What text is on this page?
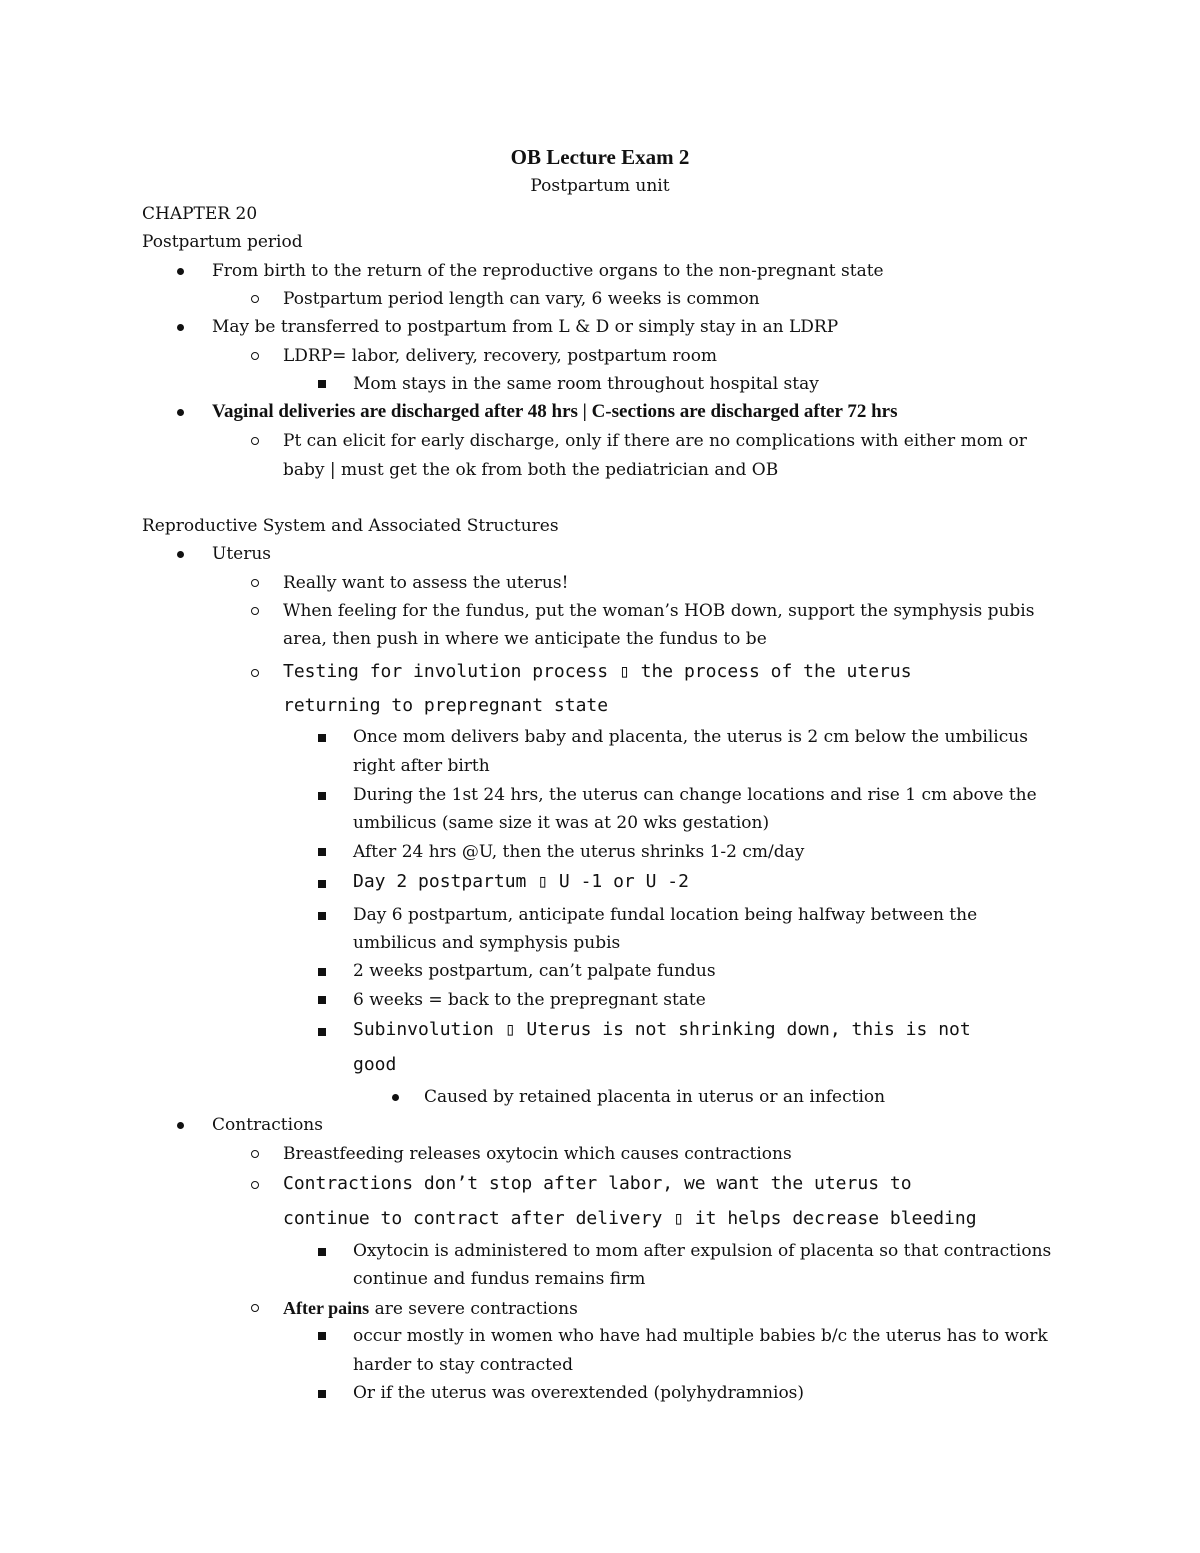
OB Lecture Exam 2
Postpartum unit
CHAPTER 20
Postpartum period
From birth to the return of the reproductive organs to the non-pregnant state
Postpartum period length can vary, 6 weeks is common
May be transferred to postpartum from L & D or simply stay in an LDRP
LDRP= labor, delivery, recovery, postpartum room
Mom stays in the same room throughout hospital stay
Vaginal deliveries are discharged after 48 hrs | C-sections are discharged after 72 hrs
Pt can elicit for early discharge, only if there are no complications with either mom or
baby | must get the ok from both the pediatrician and OB
Reproductive System and Associated Structures
Uterus
Really want to assess the uterus!
When feeling for the fundus, put the woman’s HOB down, support the symphysis pubis
area, then push in where we anticipate the fundus to be
Testing for involution process ▯ the process of the uterus
returning to prepregnant state
Once mom delivers baby and placenta, the uterus is 2 cm below the umbilicus
right after birth
During the 1st 24 hrs, the uterus can change locations and rise 1 cm above the
umbilicus (same size it was at 20 wks gestation)
After 24 hrs @U, then the uterus shrinks 1-2 cm/day
Day 2 postpartum ▯ U -1 or U -2
Day 6 postpartum, anticipate fundal location being halfway between the
umbilicus and symphysis pubis
2 weeks postpartum, can’t palpate fundus
6 weeks = back to the prepregnant state
Subinvolution ▯ Uterus is not shrinking down, this is not
good
Caused by retained placenta in uterus or an infection
Contractions
Breastfeeding releases oxytocin which causes contractions
Contractions don’t stop after labor, we want the uterus to
continue to contract after delivery ▯ it helps decrease bleeding
Oxytocin is administered to mom after expulsion of placenta so that contractions
continue and fundus remains firm
After pains are severe contractions
occur mostly in women who have had multiple babies b/c the uterus has to work
harder to stay contracted
Or if the uterus was overextended (polyhydramnios)
